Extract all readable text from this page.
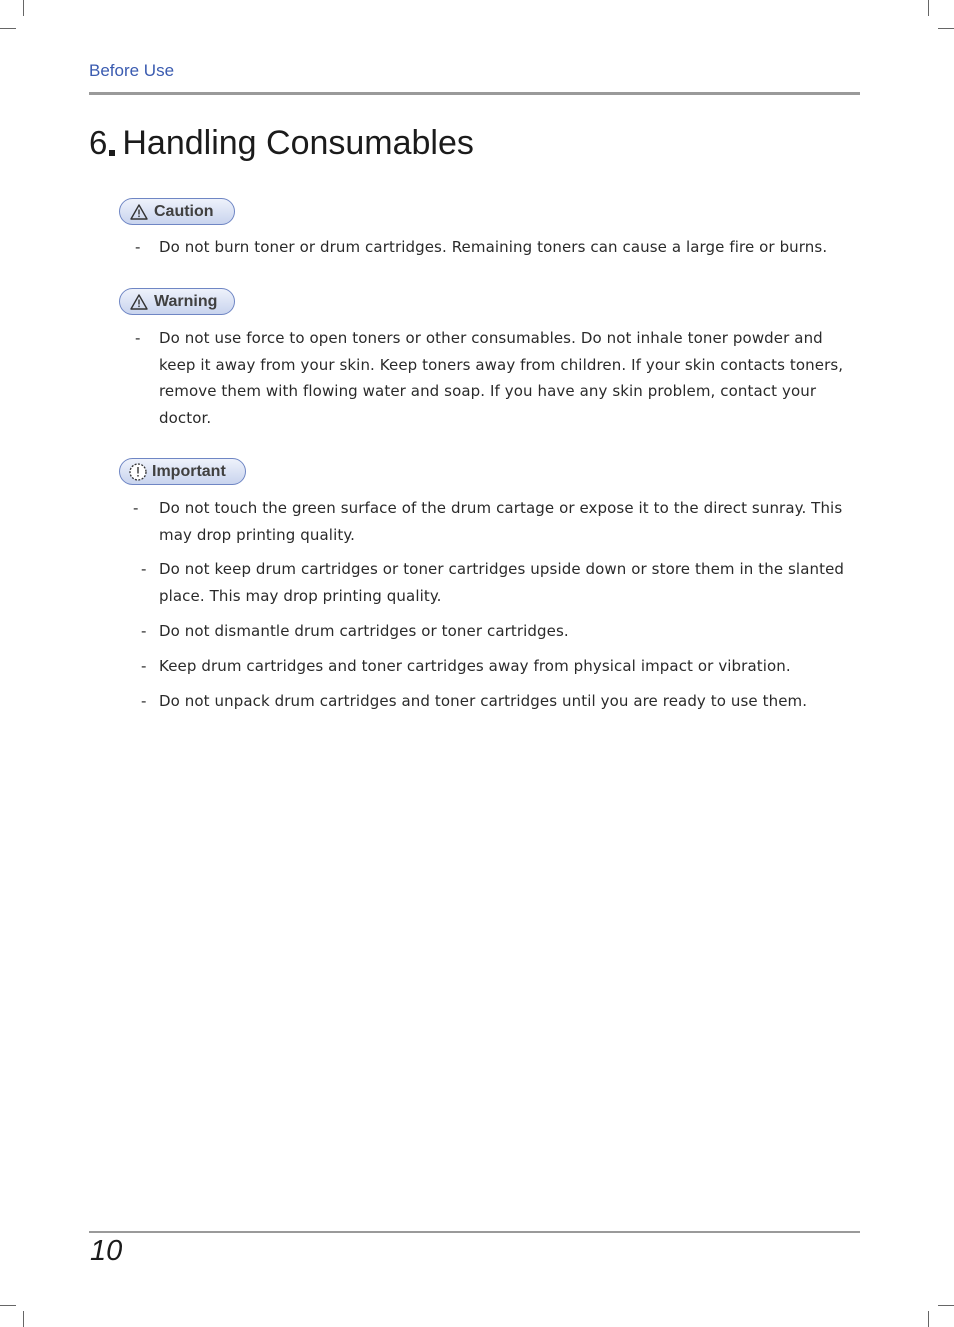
Before Use
6 Handling Consumables
Caution
- Do not burn toner or drum cartridges. Remaining toners can cause a large fire or burns.
Warning
- Do not use force to open toners or other consumables. Do not inhale toner powder and keep it away from your skin. Keep toners away from children. If your skin contacts toners, remove them with flowing water and soap. If you have any skin problem, contact your doctor.
Important
- Do not touch the green surface of the drum cartage or expose it to the direct sunray. This may drop printing quality.
- Do not keep drum cartridges or toner cartridges upside down or store them in the slanted place. This may drop printing quality.
- Do not dismantle drum cartridges or toner cartridges.
- Keep drum cartridges and toner cartridges away from physical impact or vibration.
- Do not unpack drum cartridges and toner cartridges until you are ready to use them.
10
